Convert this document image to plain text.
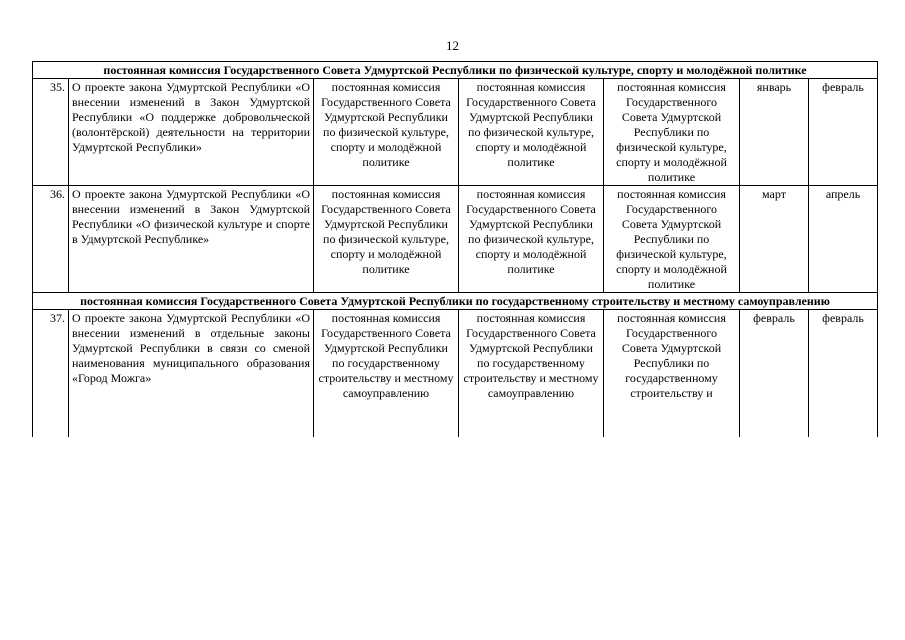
12
постоянная комиссия Государственного Совета Удмуртской Республики по физической культуре, спорту и молодёжной политике						
35.	О проекте закона Удмуртской Республики «О внесении изменений в Закон Удмуртской Республики «О поддержке добровольческой (волонтёрской) деятельности на территории Удмуртской Республики»	постоянная комиссия Государственного Совета Удмуртской Республики по физической культуре, спорту и молодёжной политике	постоянная комиссия Государственного Совета Удмуртской Республики по физической культуре, спорту и молодёжной политике	постоянная комиссия Государственного Совета Удмуртской Республики по физической культуре, спорту и молодёжной политике	январь	февраль
36.	О проекте закона Удмуртской Республики «О внесении изменений в Закон Удмуртской Республики «О физической культуре и спорте в Удмуртской Республике»	постоянная комиссия Государственного Совета Удмуртской Республики по физической культуре, спорту и молодёжной политике	постоянная комиссия Государственного Совета Удмуртской Республики по физической культуре, спорту и молодёжной политике	постоянная комиссия Государственного Совета Удмуртской Республики по физической культуре, спорту и молодёжной политике	март	апрель
постоянная комиссия Государственного Совета Удмуртской Республики по государственному строительству и местному самоуправлению						
37.	О проекте закона Удмуртской Республики «О внесении изменений в отдельные законы Удмуртской Республики в связи со сменой наименования муниципального образования «Город Можга»	постоянная комиссия Государственного Совета Удмуртской Республики по государственному строительству и местному самоуправлению	постоянная комиссия Государственного Совета Удмуртской Республики по государственному строительству и местному самоуправлению	постоянная комиссия Государственного Совета Удмуртской Республики по государственному строительству и	февраль	февраль
